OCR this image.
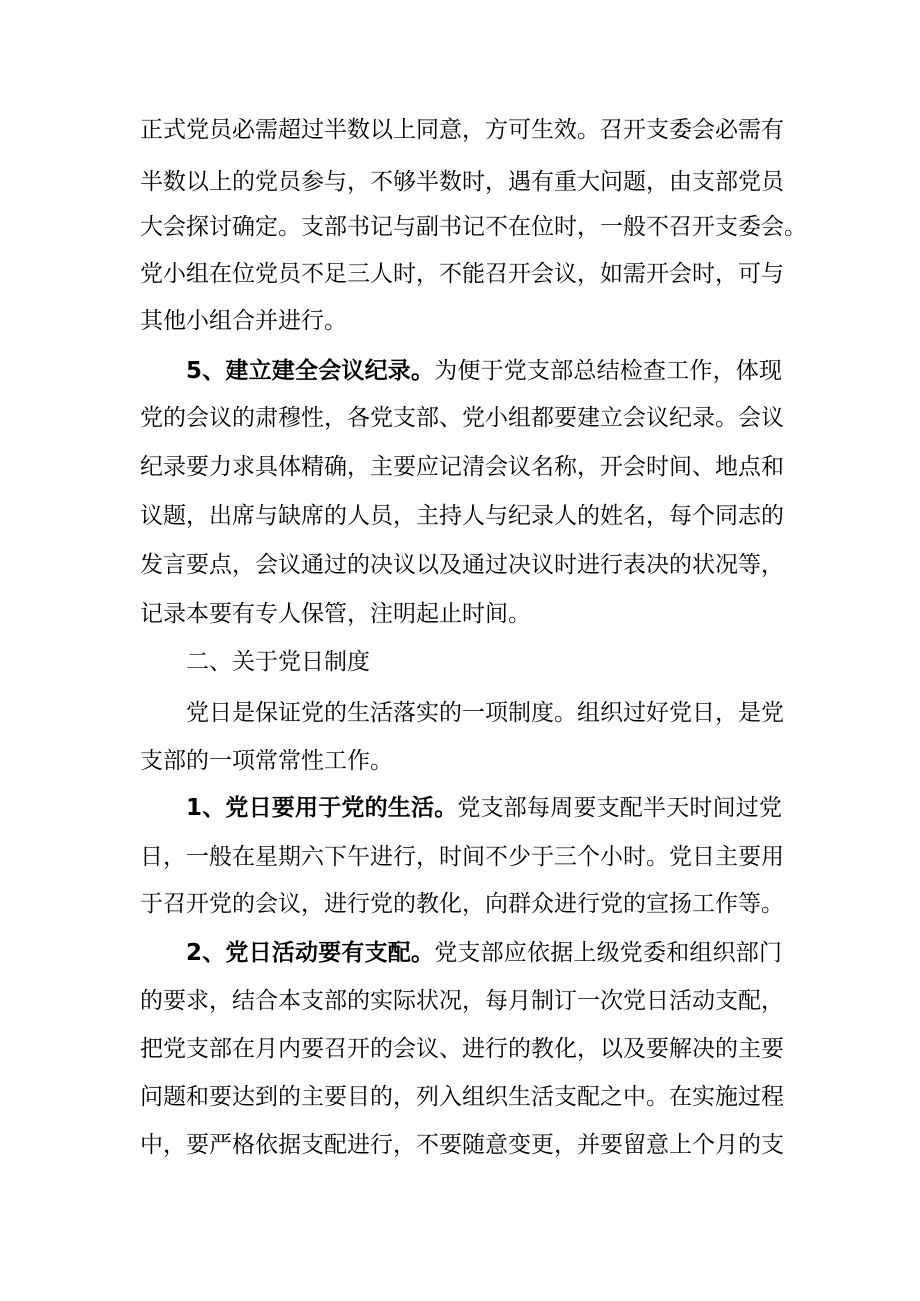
正式党员必需超过半数以上同意，方可生效。召开支委会必需有
半数以上的党员参与，不够半数时，遇有重大问题，由支部党员
大会探讨确定。支部书记与副书记不在位时，一般不召开支委会。
党小组在位党员不足三人时，不能召开会议，如需开会时，可与
其他小组合并进行。
5、建立建全会议纪录。为便于党支部总结检查工作，体现
党的会议的肃穆性，各党支部、党小组都要建立会议纪录。会议
纪录要力求具体精确，主要应记清会议名称，开会时间、地点和
议题，出席与缺席的人员，主持人与纪录人的姓名，每个同志的
发言要点，会议通过的决议以及通过决议时进行表决的状况等，
记录本要有专人保管，注明起止时间。
二、关于党日制度
党日是保证党的生活落实的一项制度。组织过好党日，是党
支部的一项常常性工作。
1、党日要用于党的生活。党支部每周要支配半天时间过党
日，一般在星期六下午进行，时间不少于三个小时。党日主要用
于召开党的会议，进行党的教化，向群众进行党的宣扬工作等。
2、党日活动要有支配。党支部应依据上级党委和组织部门
的要求，结合本支部的实际状况，每月制订一次党日活动支配，
把党支部在月内要召开的会议、进行的教化，以及要解决的主要
问题和要达到的主要目的，列入组织生活支配之中。在实施过程
中，要严格依据支配进行，不要随意变更，并要留意上个月的支
